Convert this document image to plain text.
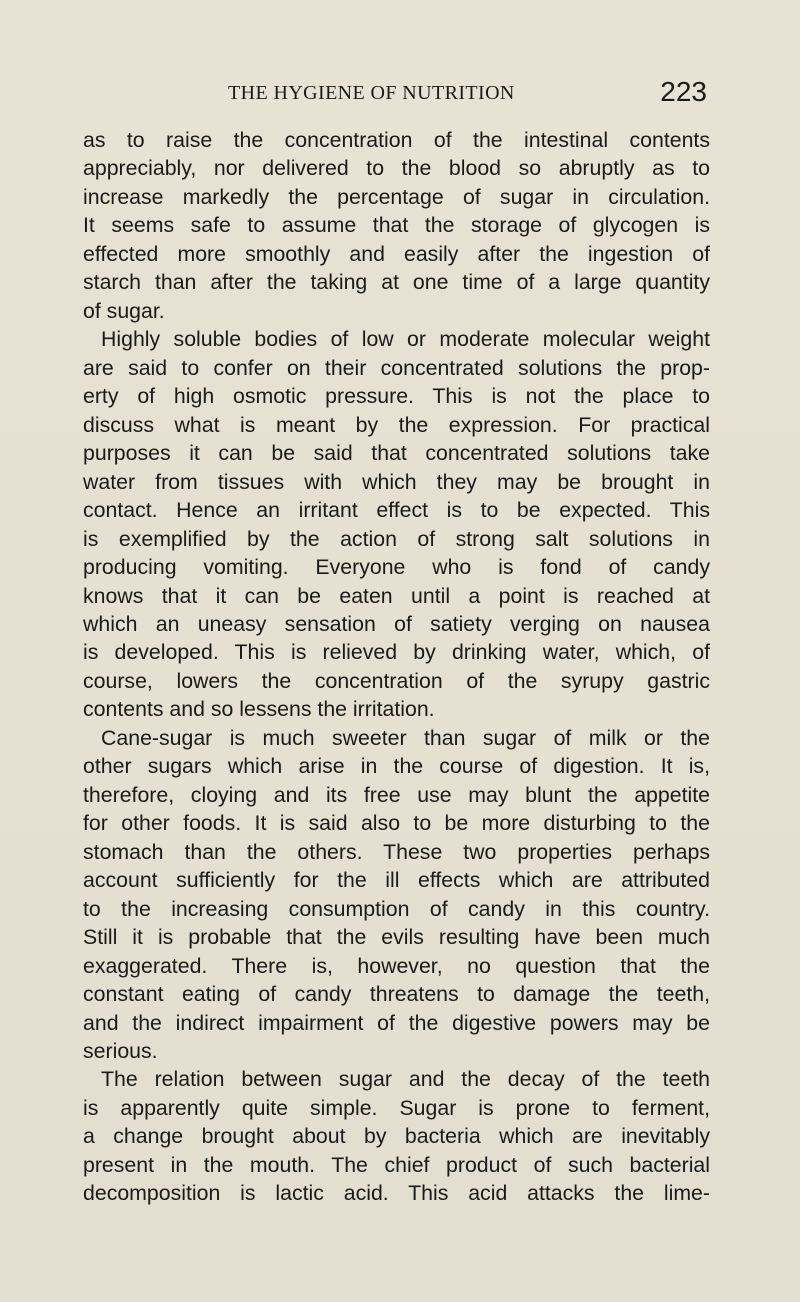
THE HYGIENE OF NUTRITION	223
as to raise the concentration of the intestinal contents
appreciably, nor delivered to the blood so abruptly as to
increase markedly the percentage of sugar in circulation.
It seems safe to assume that the storage of glycogen is
effected more smoothly and easily after the ingestion of
starch than after the taking at one time of a large quantity
of sugar.
Highly soluble bodies of low or moderate molecular weight
are said to confer on their concentrated solutions the prop-
erty of high osmotic pressure. This is not the place to
discuss what is meant by the expression. For practical
purposes it can be said that concentrated solutions take
water from tissues with which they may be brought in
contact. Hence an irritant effect is to be expected. This
is exemplified by the action of strong salt solutions in
producing vomiting. Everyone who is fond of candy
knows that it can be eaten until a point is reached at
which an uneasy sensation of satiety verging on nausea
is developed. This is relieved by drinking water, which, of
course, lowers the concentration of the syrupy gastric
contents and so lessens the irritation.
Cane-sugar is much sweeter than sugar of milk or the
other sugars which arise in the course of digestion. It is,
therefore, cloying and its free use may blunt the appetite
for other foods. It is said also to be more disturbing to the
stomach than the others. These two properties perhaps
account sufficiently for the ill effects which are attributed
to the increasing consumption of candy in this country.
Still it is probable that the evils resulting have been much
exaggerated. There is, however, no question that the
constant eating of candy threatens to damage the teeth,
and the indirect impairment of the digestive powers may be
serious.
The relation between sugar and the decay of the teeth
is apparently quite simple. Sugar is prone to ferment,
a change brought about by bacteria which are inevitably
present in the mouth. The chief product of such bacterial
decomposition is lactic acid. This acid attacks the lime-
